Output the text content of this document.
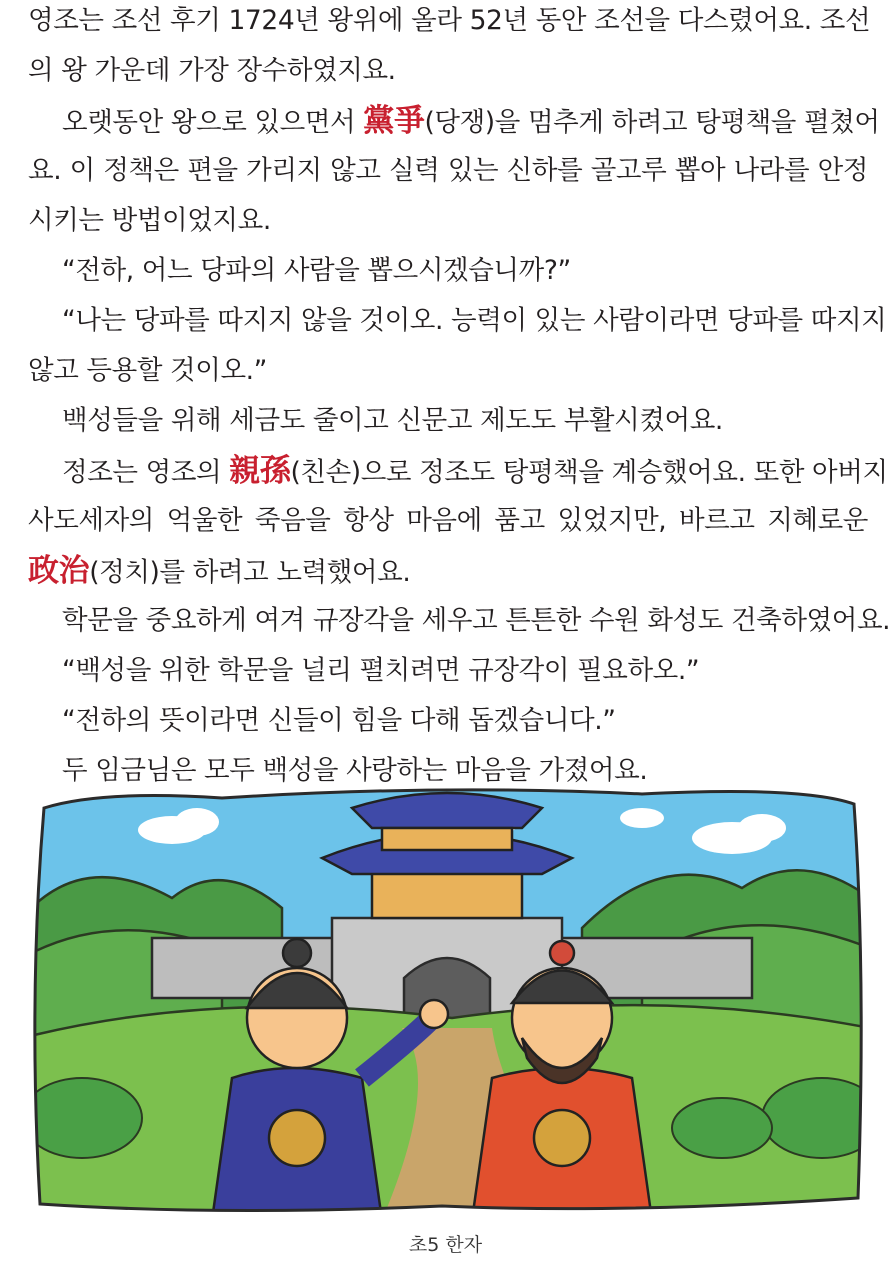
영조는 조선 후기 1724년 왕위에 올라 52년 동안 조선을 다스렸어요. 조선
의 왕 가운데 가장 장수하였지요.
오랫동안 왕으로 있으면서 黨爭(당쟁)을 멈추게 하려고 탕평책을 펼쳤어
요. 이 정책은 편을 가리지 않고 실력 있는 신하를 골고루 뽑아 나라를 안정
시키는 방법이었지요.
“전하, 어느 당파의 사람을 뽑으시겠습니까?”
“나는 당파를 따지지 않을 것이오. 능력이 있는 사람이라면 당파를 따지지
않고 등용할 것이오.”
백성들을 위해 세금도 줄이고 신문고 제도도 부활시켰어요.
정조는 영조의 親孫(친손)으로 정조도 탕평책을 계승했어요. 또한 아버지
사도세자의 억울한 죽음을 항상 마음에 품고 있었지만, 바르고 지혜로운
政治(정치)를 하려고 노력했어요.
학문을 중요하게 여겨 규장각을 세우고 튼튼한 수원 화성도 건축하였어요.
“백성을 위한 학문을 널리 펼치려면 규장각이 필요하오.”
“전하의 뜻이라면 신들이 힘을 다해 돕겠습니다.”
두 임금님은 모두 백성을 사랑하는 마음을 가졌어요.
초5 한자
